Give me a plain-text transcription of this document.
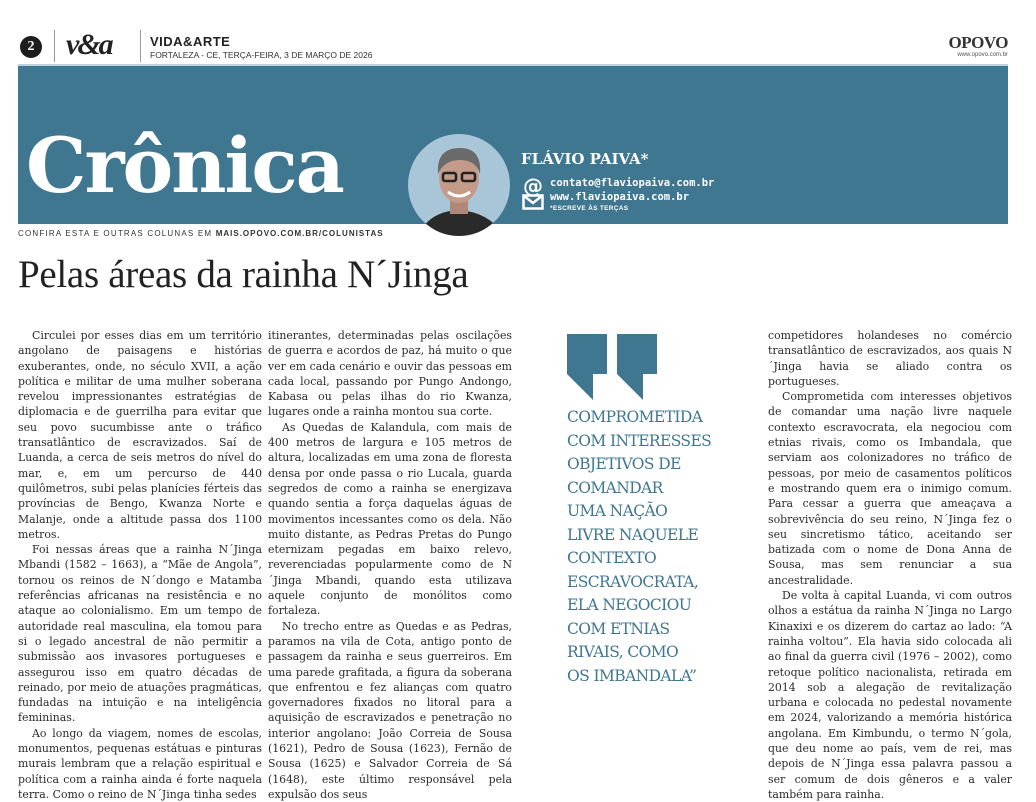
2 v&a	VIDA&ARTE
FORTALEZA - CE, TERÇA-FEIRA, 3 DE MARÇO DE 2026
OPOVO
www.opovo.com.br
Crônica	FLÁVIO PAIVA*
@ contato@flaviopaiva.com.br
www.flaviopaiva.com.br
*ESCREVE ÀS TERÇAS
CONFIRA ESTA E OUTRAS COLUNAS EM MAIS.OPOVO.COM.BR/COLUNISTAS
Pelas áreas da rainha N´Jinga

Circulei por esses dias em um território angolano de paisagens e histórias exuberantes, onde, no século XVII, a ação política e militar de uma mulher soberana revelou impressionantes estratégias de diplomacia e de guerrilha para evitar que seu povo sucumbisse ante o tráfico transatlântico de escravizados. Saí de Luanda, a cerca de seis metros do nível do mar, e, em um percurso de 440 quilômetros, subi pelas planícies férteis das províncias de Bengo, Kwanza Norte e Malanje, onde a altitude passa dos 1100 metros.

Foi nessas áreas que a rainha N´Jinga Mbandi (1582 – 1663), a “Mãe de Angola”, tornou os reinos de N´dongo e Matamba referências africanas na resistência e no ataque ao colonialismo. Em um tempo de autoridade real masculina, ela tomou para si o legado ancestral de não permitir a submissão aos invasores portugueses e assegurou isso em quatro décadas de reinado, por meio de atuações pragmáticas, fundadas na intuição e na inteligência femininas.

Ao longo da viagem, nomes de escolas, monumentos, pequenas estátuas e pinturas murais lembram que a relação espiritual e política com a rainha ainda é forte naquela terra. Como o reino de N´Jinga tinha sedes

itinerantes, determinadas pelas oscilações de guerra e acordos de paz, há muito o que ver em cada cenário e ouvir das pessoas em cada local, passando por Pungo Andongo, Kabasa ou pelas ilhas do rio Kwanza, lugares onde a rainha montou sua corte.

As Quedas de Kalandula, com mais de 400 metros de largura e 105 metros de altura, localizadas em uma zona de floresta densa por onde passa o rio Lucala, guarda segredos de como a rainha se energizava quando sentia a força daquelas águas de movimentos incessantes como os dela. Não muito distante, as Pedras Pretas do Pungo eternizam pegadas em baixo relevo, reverenciadas popularmente como de N´Jinga Mbandi, quando esta utilizava aquele conjunto de monólitos como fortaleza.

No trecho entre as Quedas e as Pedras, paramos na vila de Cota, antigo ponto de passagem da rainha e seus guerreiros. Em uma parede grafitada, a figura da soberana que enfrentou e fez alianças com quatro governadores fixados no litoral para a aquisição de escravizados e penetração no interior angolano: João Correia de Sousa (1621), Pedro de Sousa (1623), Fernão de Sousa (1625) e Salvador Correia de Sá (1648), este último responsável pela expulsão dos seus

COMPROMETIDA
COM INTERESSES
OBJETIVOS DE
COMANDAR
UMA NAÇÃO
LIVRE NAQUELE
CONTEXTO
ESCRAVOCRATA,
ELA NEGOCIOU
COM ETNIAS
RIVAIS, COMO
OS IMBANDALA”

competidores holandeses no comércio transatlântico de escravizados, aos quais N´Jinga havia se aliado contra os portugueses.

Comprometida com interesses objetivos de comandar uma nação livre naquele contexto escravocrata, ela negociou com etnias rivais, como os Imbandala, que serviam aos colonizadores no tráfico de pessoas, por meio de casamentos políticos e mostrando quem era o inimigo comum. Para cessar a guerra que ameaçava a sobrevivência do seu reino, N´Jinga fez o seu sincretismo tático, aceitando ser batizada com o nome de Dona Anna de Sousa, mas sem renunciar a sua ancestralidade.

De volta à capital Luanda, vi com outros olhos a estátua da rainha N´Jinga no Largo Kinaxixi e os dizerem do cartaz ao lado: “A rainha voltou”. Ela havia sido colocada ali ao final da guerra civil (1976 – 2002), como retoque político nacionalista, retirada em 2014 sob a alegação de revitalização urbana e colocada no pedestal novamente em 2024, valorizando a memória histórica angolana. Em Kimbundu, o termo N´gola, que deu nome ao país, vem de rei, mas depois de N´Jinga essa palavra passou a ser comum de dois gêneros e a valer também para rainha.
